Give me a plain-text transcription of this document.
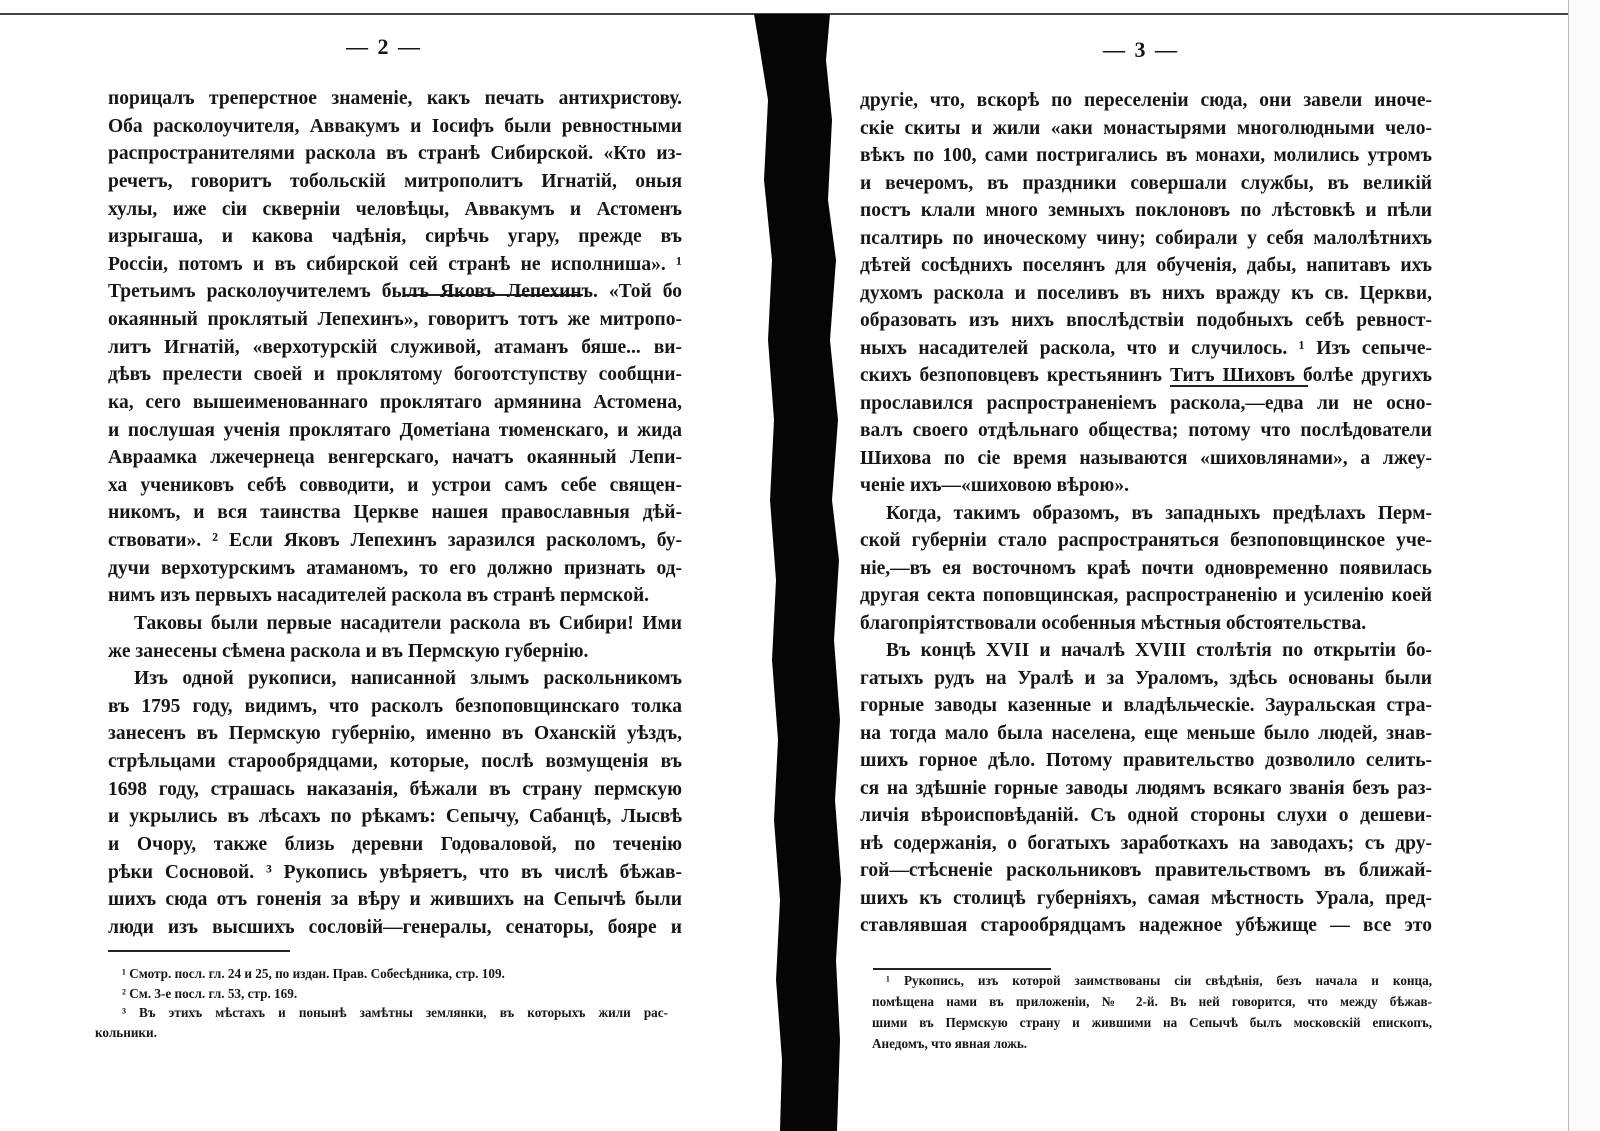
— 2 —
порицалъ треперстное знаменіе, какъ печать антихристову.
Оба расколоучителя, Аввакумъ и Іосифъ были ревностными
распространителями раскола въ странѣ Сибирской. «Кто из-
речетъ, говоритъ тобольскій митрополитъ Игнатій, оныя
хулы, иже сіи скверніи человѣцы, Аввакумъ и Астоменъ
изрыгаша, и какова чадѣнія, сирѣчь угару, прежде въ
Россіи, потомъ и въ сибирской сей странѣ не исполниша». ¹
Третьимъ расколоучителемъ былъ Яковъ Лепехинъ. «Той бо
окаянный проклятый Лепехинъ», говоритъ тотъ же митропо-
литъ Игнатій, «верхотурскій служивой, атаманъ бяше... ви-
дѣвъ прелести своей и проклятому богоотступству сообщни-
ка, сего вышеименованнаго проклятаго армянина Астомена,
и послушая ученія проклятаго Дометіана тюменскаго, и жида
Авраамка лжечернеца венгерскаго, начатъ окаянный Лепи-
ха учениковъ себѣ совводити, и устрои самъ себе священ-
никомъ, и вся таинства Церкве нашея православныя дѣй-
ствовати». ² Если Яковъ Лепехинъ заразился расколомъ, бу-
дучи верхотурскимъ атаманомъ, то его должно признать од-
нимъ изъ первыхъ насадителей раскола въ странѣ пермской.
Таковы были первые насадители раскола въ Сибири! Ими
же занесены сѣмена раскола и въ Пермскую губернію.
Изъ одной рукописи, написанной злымъ раскольникомъ
въ 1795 году, видимъ, что расколъ безпоповщинскаго толка
занесенъ въ Пермскую губернію, именно въ Оханскій уѣздъ,
стрѣльцами старообрядцами, которые, послѣ возмущенія въ
1698 году, страшась наказанія, бѣжали въ страну пермскую
и укрылись въ лѣсахъ по рѣкамъ: Сепычу, Сабанцѣ, Лысвѣ
и Очору, также близь деревни Годоваловой, по теченію
рѣки Сосновой. ³ Рукопись увѣряетъ, что въ числѣ бѣжав-
шихъ сюда отъ гоненія за вѣру и жившихъ на Сепычѣ были
люди изъ высшихъ сословій—генералы, сенаторы, бояре и
¹ Смотр. посл. гл. 24 и 25, по издан. Прав. Собесѣдника, стр. 109.
² См. 3-е посл. гл. 53, стр. 169.
³ Въ этихъ мѣстахъ и понынѣ замѣтны землянки, въ которыхъ жили рас-
кольники.
— 3 —
другіе, что, вскорѣ по переселеніи сюда, они завели иноче-
скіе скиты и жили «аки монастырями многолюдными чело-
вѣкъ по 100, сами постригались въ монахи, молились утромъ
и вечеромъ, въ праздники совершали службы, въ великій
постъ клали много земныхъ поклоновъ по лѣстовкѣ и пѣли
псалтирь по иноческому чину; собирали у себя малолѣтнихъ
дѣтей сосѣднихъ поселянъ для обученія, дабы, напитавъ ихъ
духомъ раскола и поселивъ въ нихъ вражду къ св. Церкви,
образовать изъ нихъ впослѣдствіи подобныхъ себѣ ревност-
ныхъ насадителей раскола, что и случилось. ¹ Изъ сепыче-
скихъ безпоповцевъ крестьянинъ Титъ Шиховъ болѣе другихъ
прославился распространеніемъ раскола,—едва ли не осно-
валъ своего отдѣльнаго общества; потому что послѣдователи
Шихова по сіе время называются «шиховлянами», а лжеу-
ченіе ихъ—«шиховою вѣрою».
Когда, такимъ образомъ, въ западныхъ предѣлахъ Перм-
ской губерніи стало распространяться безпоповщинское уче-
ніе,—въ ея восточномъ краѣ почти одновременно появилась
другая секта поповщинская, распространенію и усиленію коей
благопріятствовали особенныя мѣстныя обстоятельства.
Въ концѣ XVII и началѣ XVIII столѣтія по открытіи бо-
гатыхъ рудъ на Уралѣ и за Ураломъ, здѣсь основаны были
горные заводы казенные и владѣльческіе. Зауральская стра-
на тогда мало была населена, еще меньше было людей, знав-
шихъ горное дѣло. Потому правительство дозволило селить-
ся на здѣшніе горные заводы людямъ всякаго званія безъ раз-
личія вѣроисповѣданій. Съ одной стороны слухи о дешеви-
нѣ содержанія, о богатыхъ заработкахъ на заводахъ; съ дру-
гой—стѣсненіе раскольниковъ правительствомъ въ ближай-
шихъ къ столицѣ губерніяхъ, самая мѣстность Урала, пред-
ставлявшая старообрядцамъ надежное убѣжище — все это
¹ Рукопись, изъ которой заимствованы сіи свѣдѣнія, безъ начала и конца,
помѣщена нами въ приложеніи, № 2-й. Въ ней говорится, что между бѣжав-
шими въ Пермскую страну и жившими на Сепычѣ былъ московскій епископъ,
Анедомъ, что явная ложь.
